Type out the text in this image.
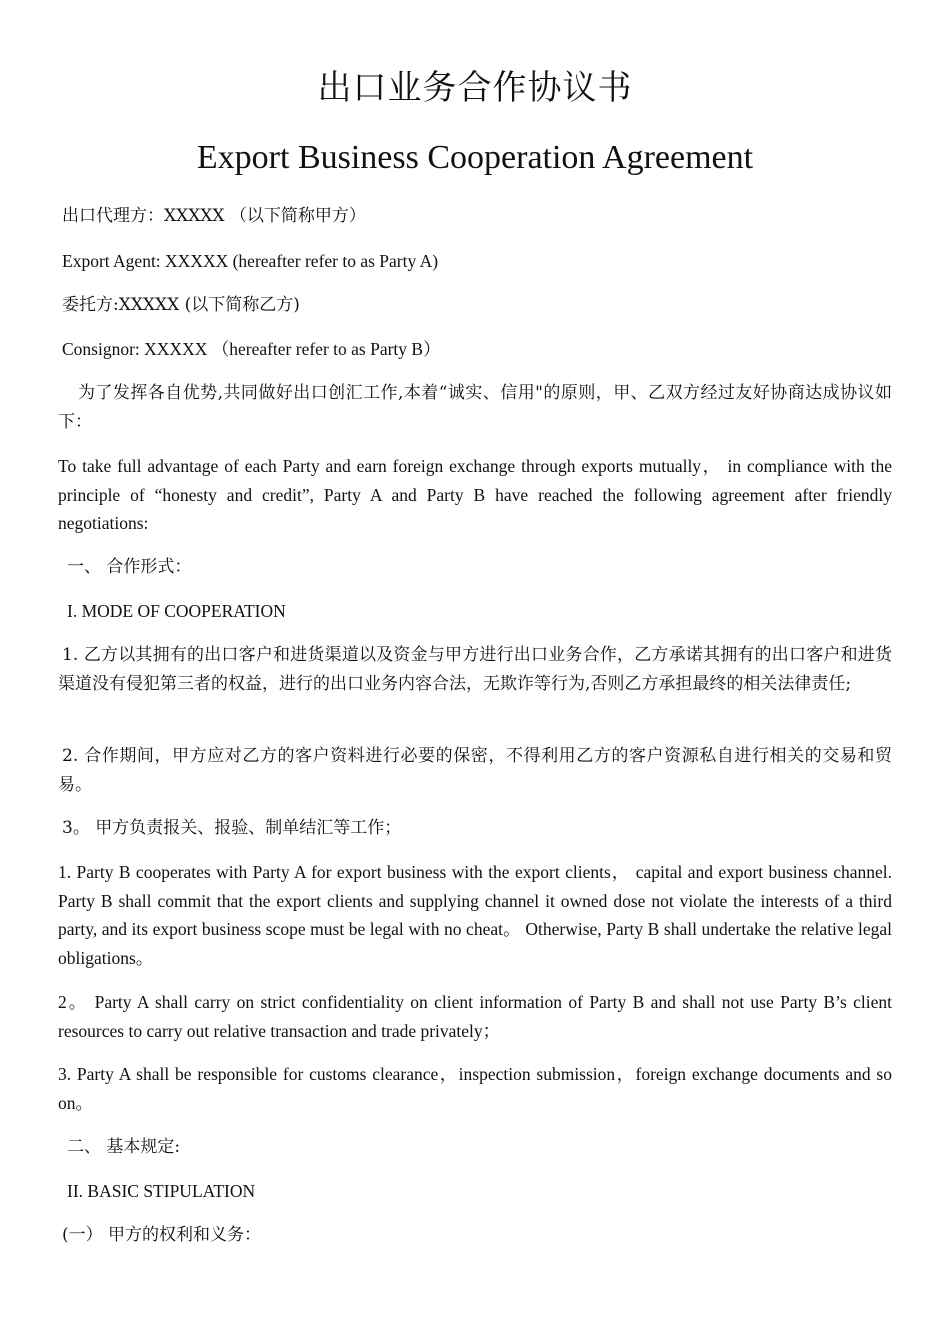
出口业务合作协议书
Export Business Cooperation Agreement

出口代理方：XXXXX （以下简称甲方）

Export Agent: XXXXX (hereafter refer to as Party A)

委托方:XXXXX (以下简称乙方)

Consignor: XXXXX （hereafter refer to as Party B）

为了发挥各自优势,共同做好出口创汇工作,本着“诚实、信用"的原则，甲、乙双方经过友好协商达成协议如下：

To take full advantage of each Party and earn foreign exchange through exports mutually， in compliance with the principle of “honesty and credit”, Party A and Party B have reached the following agreement after friendly negotiations:

一、 合作形式：

I. MODE OF COOPERATION

1. 乙方以其拥有的出口客户和进货渠道以及资金与甲方进行出口业务合作，乙方承诺其拥有的出口客户和进货渠道没有侵犯第三者的权益，进行的出口业务内容合法，无欺诈等行为,否则乙方承担最终的相关法律责任;

2. 合作期间，甲方应对乙方的客户资料进行必要的保密，不得利用乙方的客户资源私自进行相关的交易和贸易。

3。 甲方负责报关、报验、制单结汇等工作；

1. Party B cooperates with Party A for export business with the export clients， capital and export business channel. Party B shall commit that the export clients and supplying channel it owned dose not violate the interests of a third party, and its export business scope must be legal with no cheat。 Otherwise, Party B shall undertake the relative legal obligations。

2。 Party A shall carry on strict confidentiality on client information of Party B and shall not use Party B’s client resources to carry out relative transaction and trade privately；

3. Party A shall be responsible for customs clearance，inspection submission，foreign exchange documents and so on。

二、 基本规定:

II. BASIC STIPULATION

(一） 甲方的权利和义务：
